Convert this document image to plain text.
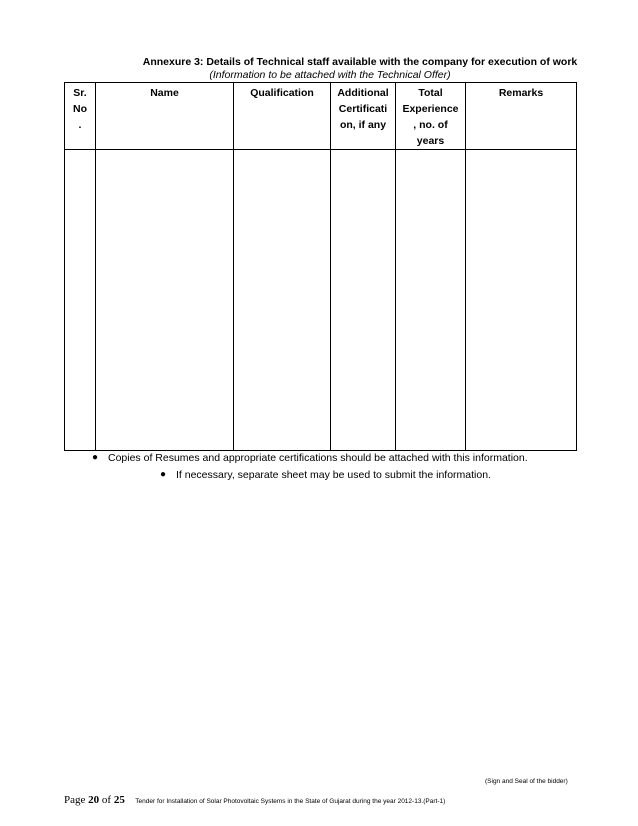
Annexure 3: Details of Technical staff available with the company for execution of work
(Information to be attached with the Technical Offer)
Sr.
No
.	Name	Qualification	Additional
Certificati
on, if any	Total
Experience
, no. of
years	Remarks

● Copies of Resumes and appropriate certifications should be attached with this information.
● If necessary, separate sheet may be used to submit the information.
(Sign and Seal of the bidder)
Page 20 of 25 Tender for Installation of Solar Photovoltaic Systems in the State of Gujarat during the year 2012-13.(Part-1)
